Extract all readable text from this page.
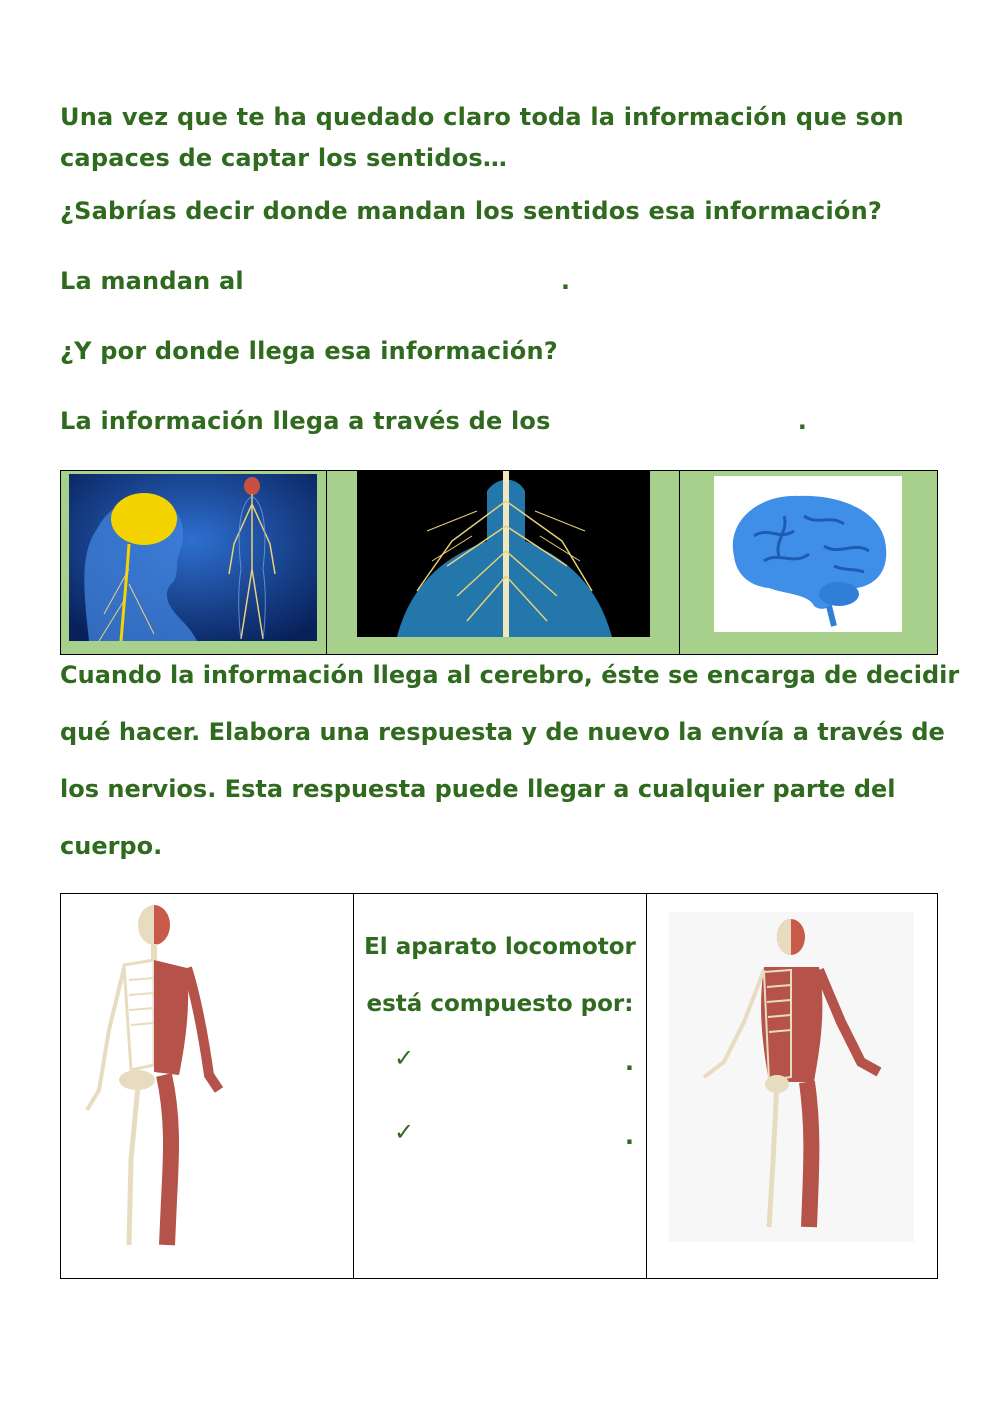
Una vez que te ha quedado claro toda la información que son
capaces de captar los sentidos…
¿Sabrías decir donde mandan los sentidos esa información?
La mandan al	.
¿Y por donde llega esa información?
La información llega a través de los	.
Cuando la información llega al cerebro, éste se encarga de decidir
qué hacer. Elabora una respuesta y de nuevo la envía a través de
los nervios. Esta respuesta puede llegar a cualquier parte del
cuerpo.
El aparato locomotor
está compuesto por:
✓	.
✓	.
